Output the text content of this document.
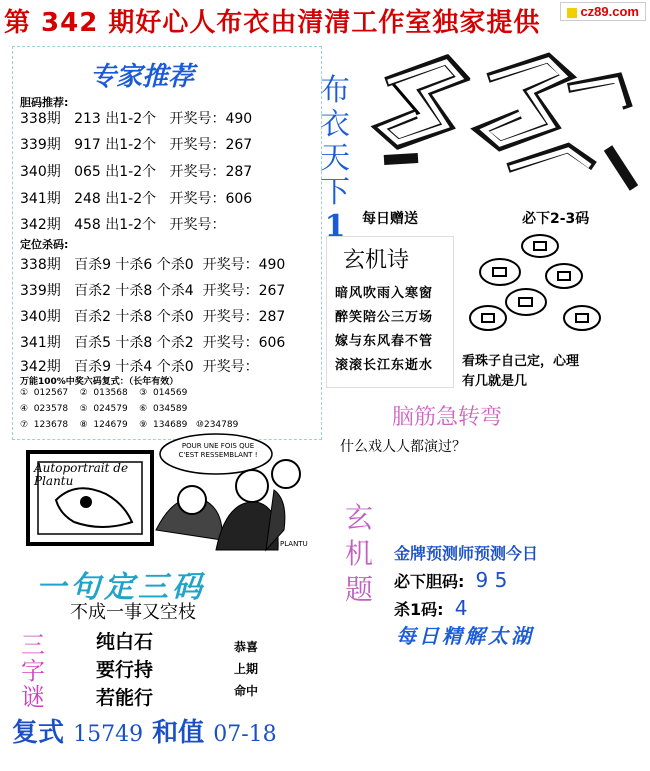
第 342 期好心人布衣由清清工作室独家提供	cz89.com
专家推荐
胆码推荐:
338期   213 出1-2个   开奖号：490
339期   917 出1-2个   开奖号：267
340期   065 出1-2个   开奖号：287
341期   248 出1-2个   开奖号：606
342期   458 出1-2个   开奖号：
定位杀码:
338期   百杀9 十杀6 个杀0  开奖号：490
339期   百杀2 十杀8 个杀4  开奖号：267
340期   百杀2 十杀8 个杀0  开奖号：287
341期   百杀5 十杀8 个杀2  开奖号：606
342期   百杀9 十杀4 个杀0  开奖号：
万能100%中奖六码复式：（长年有效）
①  012567    ②  013568    ③  014569
④  023578    ⑤  024579    ⑥  034589
⑦  123678    ⑧  124679    ⑨  134689   ⑩234789
布
衣
天
下
1	每日赠送	必下2-3码
玄机诗
暗风吹雨入寒窗
醉笑陪公三万场
嫁与东风春不管
滚滚长江东逝水	看珠子自己定，心理
有几就是几
脑筋急转弯
什么戏人人都演过？
Autoportrait de Plantu
POUR UNE FOIS QUE C'EST RESSEMBLANT !
PLANTU
玄
机
题
金牌预测师预测今日
必下胆码: 9 5
杀1码: 4
每日精解太湖
一句定三码
不成一事又空枝
三
字
谜
纯白石
要行持
若能行
恭喜
上期
命中
复式 15749 和值 07-18
